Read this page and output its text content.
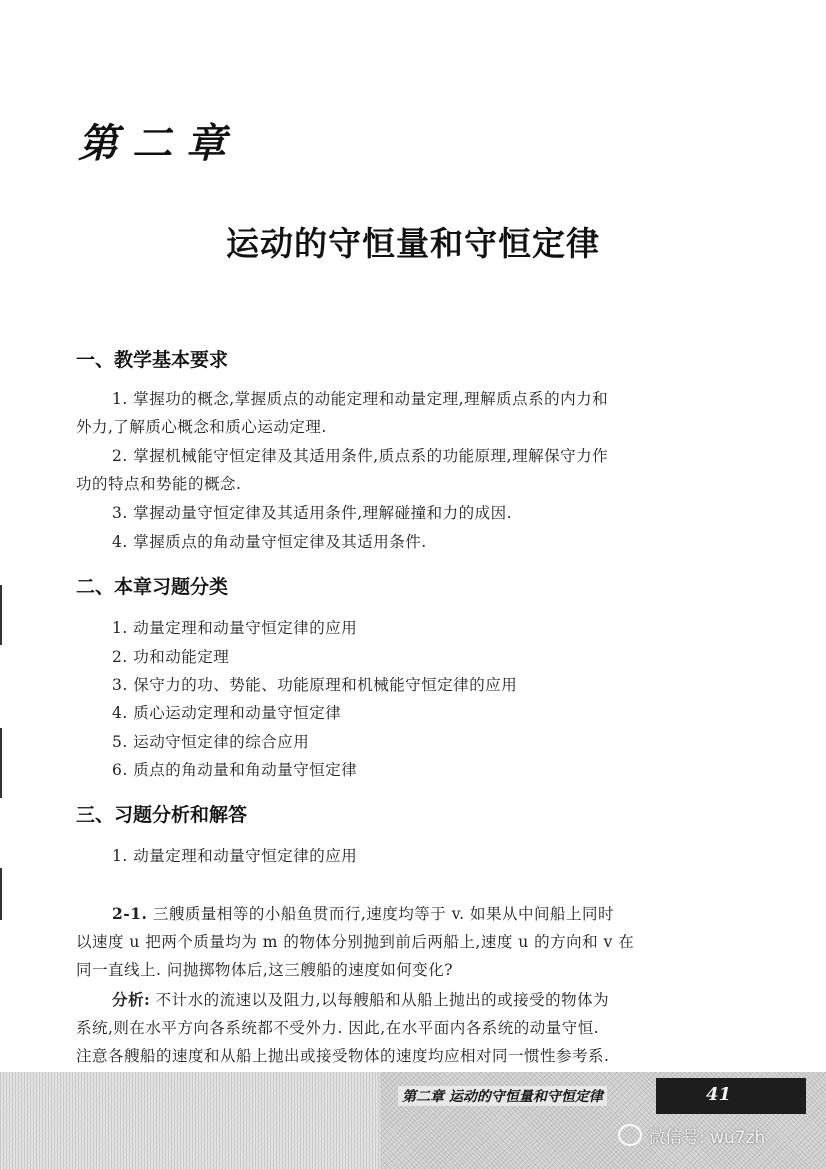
第二章
运动的守恒量和守恒定律
一、教学基本要求
1. 掌握功的概念,掌握质点的动能定理和动量定理,理解质点系的内力和
外力,了解质心概念和质心运动定理.
2. 掌握机械能守恒定律及其适用条件,质点系的功能原理,理解保守力作
功的特点和势能的概念.
3. 掌握动量守恒定律及其适用条件,理解碰撞和力的成因.
4. 掌握质点的角动量守恒定律及其适用条件.
二、本章习题分类
1. 动量定理和动量守恒定律的应用
2. 功和动能定理
3. 保守力的功、势能、功能原理和机械能守恒定律的应用
4. 质心运动定理和动量守恒定律
5. 运动守恒定律的综合应用
6. 质点的角动量和角动量守恒定律
三、习题分析和解答
1. 动量定理和动量守恒定律的应用
2-1. 三艘质量相等的小船鱼贯而行,速度均等于 v. 如果从中间船上同时
以速度 u 把两个质量均为 m 的物体分别抛到前后两船上,速度 u 的方向和 v 在
同一直线上. 问抛掷物体后,这三艘船的速度如何变化?
分析: 不计水的流速以及阻力,以每艘船和从船上抛出的或接受的物体为
系统,则在水平方向各系统都不受外力. 因此,在水平面内各系统的动量守恒.
注意各艘船的速度和从船上抛出或接受物体的速度均应相对同一惯性参考系.
第二章 运动的守恒量和守恒定律	41
微信号: wu7zh
